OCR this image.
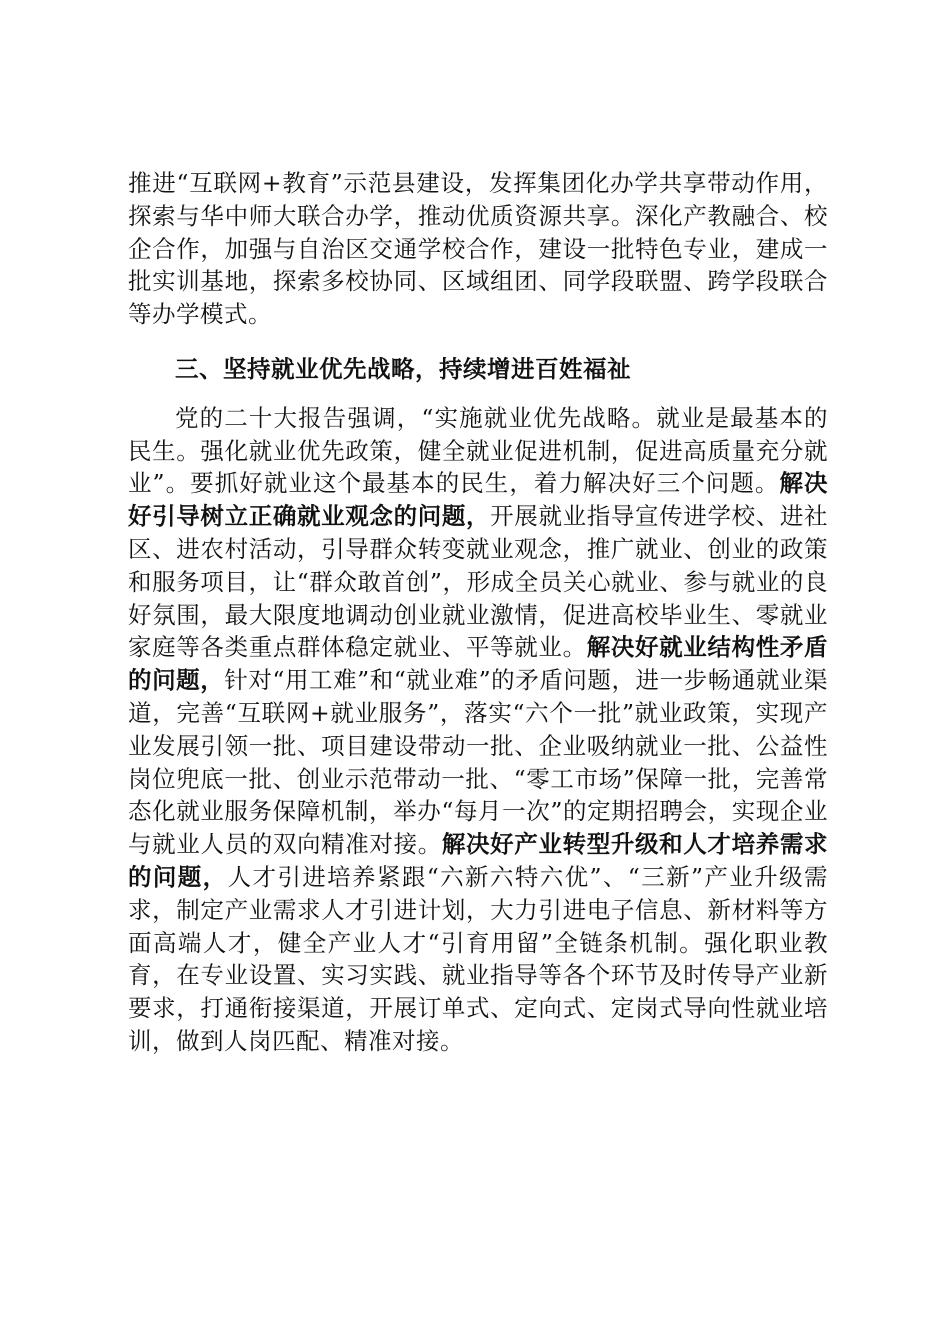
推进“互联网+教育”示范县建设，发挥集团化办学共享带动作用，探索与华中师大联合办学，推动优质资源共享。深化产教融合、校企合作，加强与自治区交通学校合作，建设一批特色专业，建成一批实训基地，探索多校协同、区域组团、同学段联盟、跨学段联合等办学模式。

三、坚持就业优先战略，持续增进百姓福祉

党的二十大报告强调，“实施就业优先战略。就业是最基本的民生。强化就业优先政策，健全就业促进机制，促进高质量充分就业”。要抓好就业这个最基本的民生，着力解决好三个问题。解决好引导树立正确就业观念的问题，开展就业指导宣传进学校、进社区、进农村活动，引导群众转变就业观念，推广就业、创业的政策和服务项目，让“群众敢首创”，形成全员关心就业、参与就业的良好氛围，最大限度地调动创业就业激情，促进高校毕业生、零就业家庭等各类重点群体稳定就业、平等就业。解决好就业结构性矛盾的问题，针对“用工难”和“就业难”的矛盾问题，进一步畅通就业渠道，完善“互联网+就业服务”，落实“六个一批”就业政策，实现产业发展引领一批、项目建设带动一批、企业吸纳就业一批、公益性岗位兜底一批、创业示范带动一批、“零工市场”保障一批，完善常态化就业服务保障机制，举办“每月一次”的定期招聘会，实现企业与就业人员的双向精准对接。解决好产业转型升级和人才培养需求的问题，人才引进培养紧跟“六新六特六优”、“三新”产业升级需求，制定产业需求人才引进计划，大力引进电子信息、新材料等方面高端人才，健全产业人才“引育用留”全链条机制。强化职业教育，在专业设置、实习实践、就业指导等各个环节及时传导产业新要求，打通衔接渠道，开展订单式、定向式、定岗式导向性就业培训，做到人岗匹配、精准对接。
